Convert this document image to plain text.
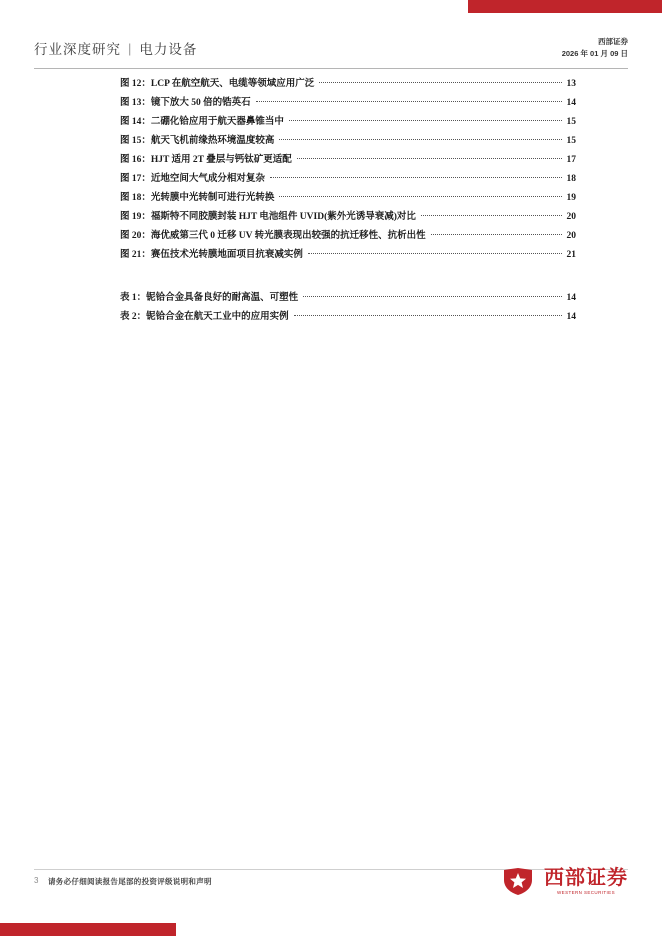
行业深度研究 | 电力设备
西部证券
2026 年 01 月 09 日
图 12：LCP 在航空航天、电缆等领域应用广泛	13
图 13：镜下放大 50 倍的锆英石	14
图 14：二硼化铪应用于航天器鼻锥当中	15
图 15：航天飞机前缘热环境温度较高	15
图 16：HJT 适用 2T 叠层与钙钛矿更适配	17
图 17：近地空间大气成分相对复杂	18
图 18：光转膜中光转制可进行光转换	19
图 19：福斯特不同胶膜封装 HJT 电池组件 UVID(紫外光诱导衰减)对比	20
图 20：海优威第三代 0 迁移 UV 转光膜表现出较强的抗迁移性、抗析出性	20
图 21：赛伍技术光转膜地面项目抗衰减实例	21
表 1：铌铪合金具备良好的耐高温、可塑性	14
表 2：铌铪合金在航天工业中的应用实例	14
3 请务必仔细阅读报告尾部的投资评级说明和声明	西部证券
WESTERN SECURITIES
